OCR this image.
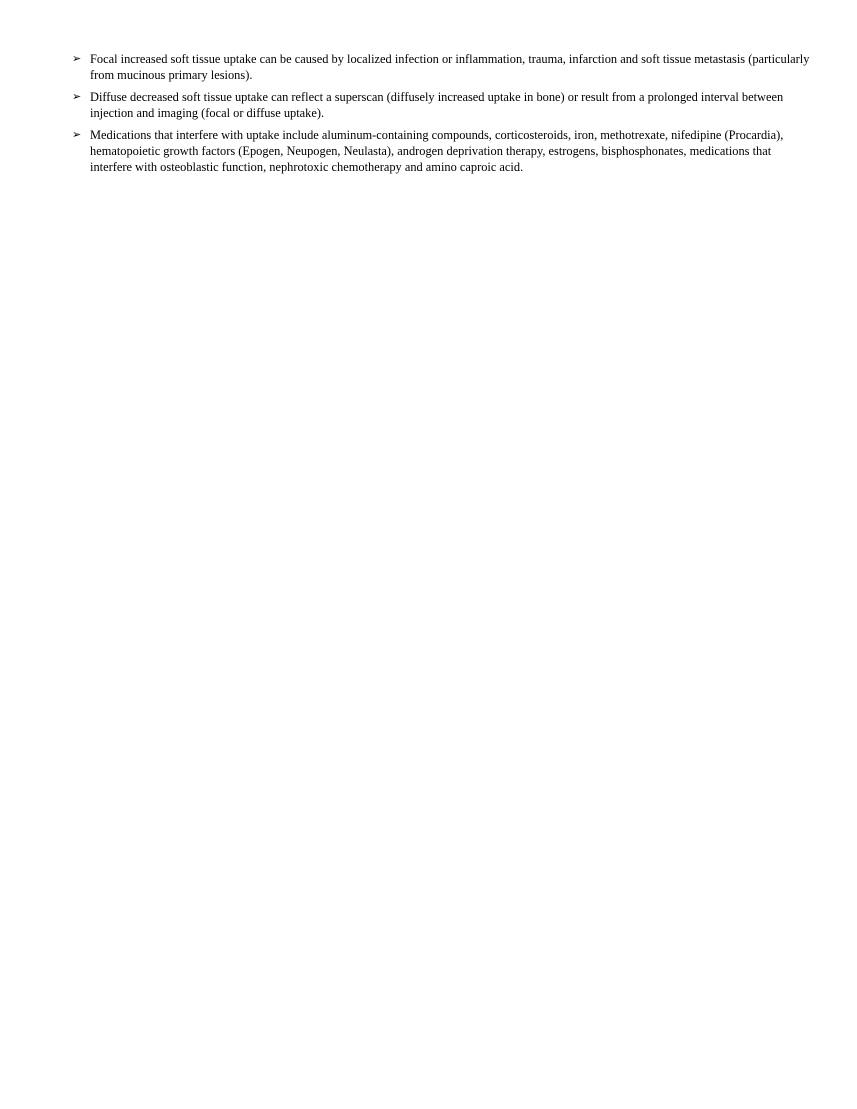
➢ Focal increased soft tissue uptake can be caused by localized infection or inflammation, trauma, infarction and soft tissue metastasis (particularly from mucinous primary lesions).
➢ Diffuse decreased soft tissue uptake can reflect a superscan (diffusely increased uptake in bone) or result from a prolonged interval between injection and imaging (focal or diffuse uptake).
➢ Medications that interfere with uptake include aluminum-containing compounds, corticosteroids, iron, methotrexate, nifedipine (Procardia), hematopoietic growth factors (Epogen, Neupogen, Neulasta), androgen deprivation therapy, estrogens, bisphosphonates, medications that interfere with osteoblastic function, nephrotoxic chemotherapy and amino caproic acid.
